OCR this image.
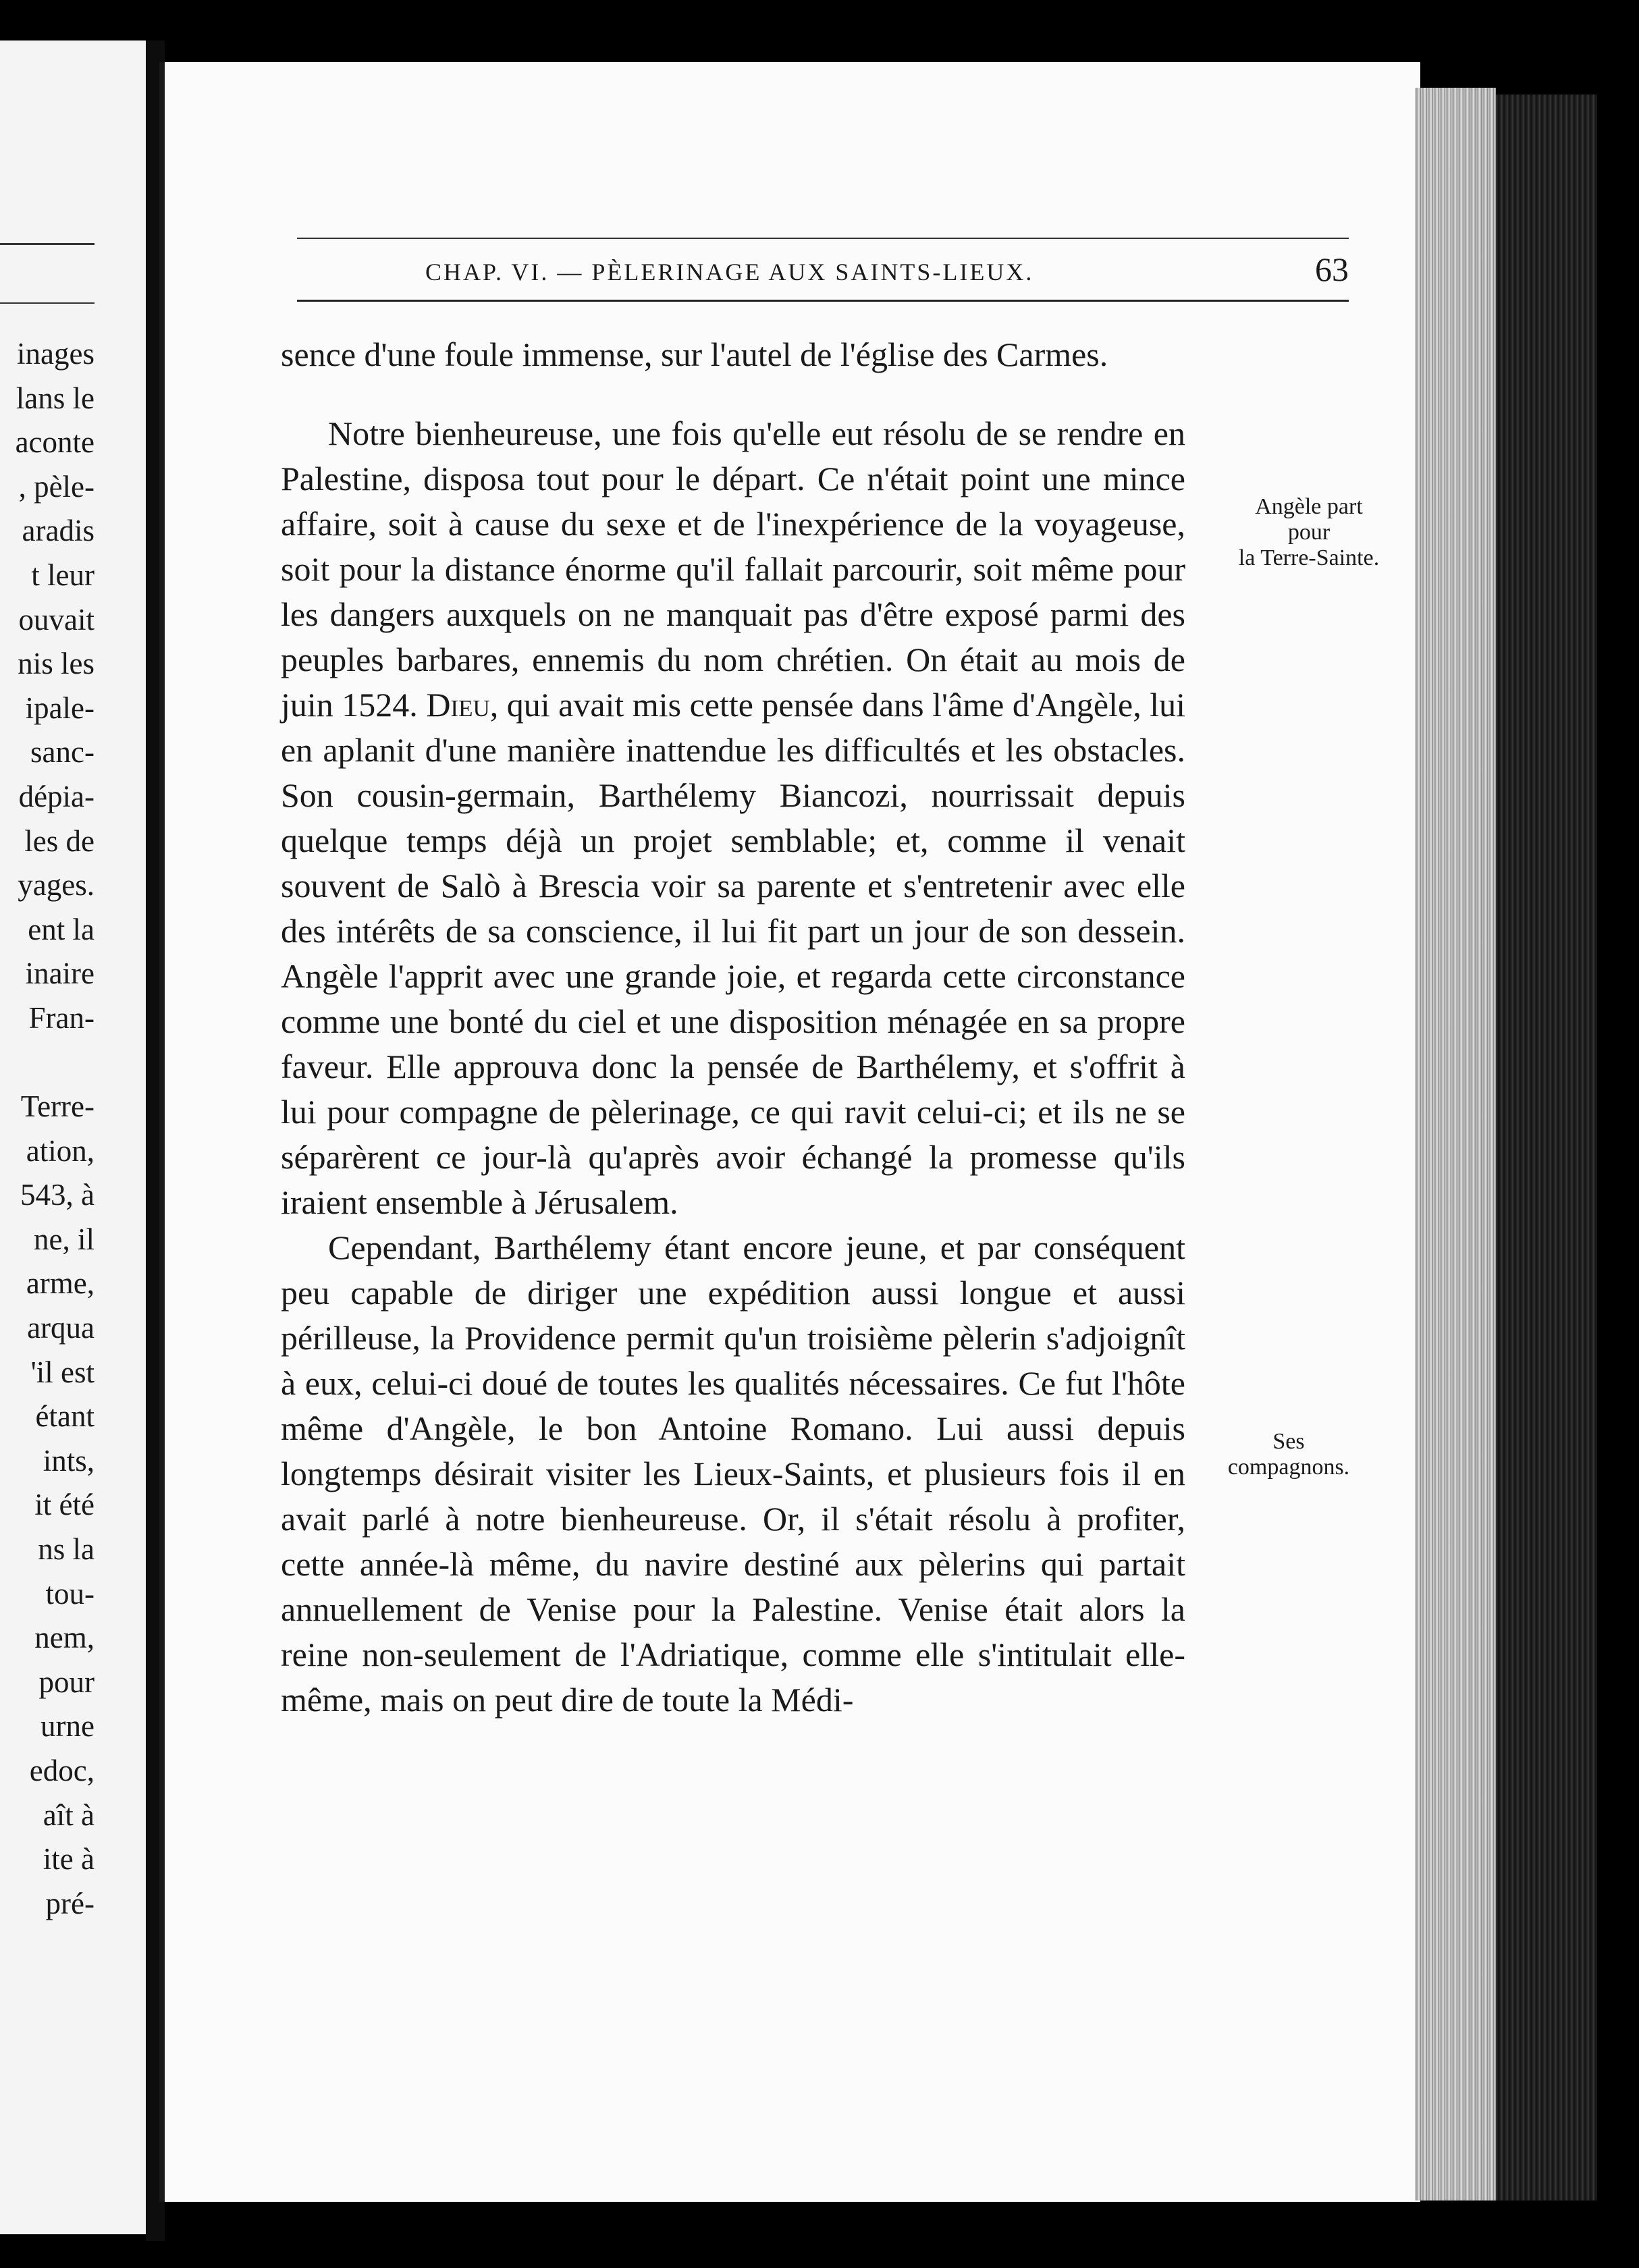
inages
lans le
aconte
, pèle-
aradis
t leur
ouvait
nis les
ipale-
sanc-
dépia-
les de
yages.
ent la
inaire
Fran-
Terre-
ation,
543, à
ne, il
arme,
arqua
'il est
étant
ints,
it été
ns la
tou-
nem,
pour
urne
edoc,
aît à
ite à
pré-
CHAP. VI. — PÈLERINAGE AUX SAINTS-LIEUX.	63

sence d'une foule immense, sur l'autel de l'église des Carmes.

Notre bienheureuse, une fois qu'elle eut résolu de se rendre en Palestine, disposa tout pour le départ. Ce n'était point une mince affaire, soit à cause du sexe et de l'inexpérience de la voyageuse, soit pour la distance énorme qu'il fallait parcourir, soit même pour les dangers auxquels on ne manquait pas d'être exposé parmi des peuples barbares, ennemis du nom chrétien. On était au mois de juin 1524. Dieu, qui avait mis cette pensée dans l'âme d'Angèle, lui en aplanit d'une manière inattendue les difficultés et les obstacles. Son cousin-germain, Barthélemy Biancozi, nourrissait depuis quelque temps déjà un projet semblable; et, comme il venait souvent de Salò à Brescia voir sa parente et s'entretenir avec elle des intérêts de sa conscience, il lui fit part un jour de son dessein. Angèle l'apprit avec une grande joie, et regarda cette circonstance comme une bonté du ciel et une disposition ménagée en sa propre faveur. Elle approuva donc la pensée de Barthélemy, et s'offrit à lui pour compagne de pèlerinage, ce qui ravit celui-ci; et ils ne se séparèrent ce jour-là qu'après avoir échangé la promesse qu'ils iraient ensemble à Jérusalem.

Cependant, Barthélemy étant encore jeune, et par conséquent peu capable de diriger une expédition aussi longue et aussi périlleuse, la Providence permit qu'un troisième pèlerin s'adjoignît à eux, celui-ci doué de toutes les qualités nécessaires. Ce fut l'hôte même d'Angèle, le bon Antoine Romano. Lui aussi depuis longtemps désirait visiter les Lieux-Saints, et plusieurs fois il en avait parlé à notre bienheureuse. Or, il s'était résolu à profiter, cette année-là même, du navire destiné aux pèlerins qui partait annuellement de Venise pour la Palestine. Venise était alors la reine non-seulement de l'Adriatique, comme elle s'intitulait elle-même, mais on peut dire de toute la Médi-

Angèle part
pour
la Terre-Sainte.
Ses
compagnons.
